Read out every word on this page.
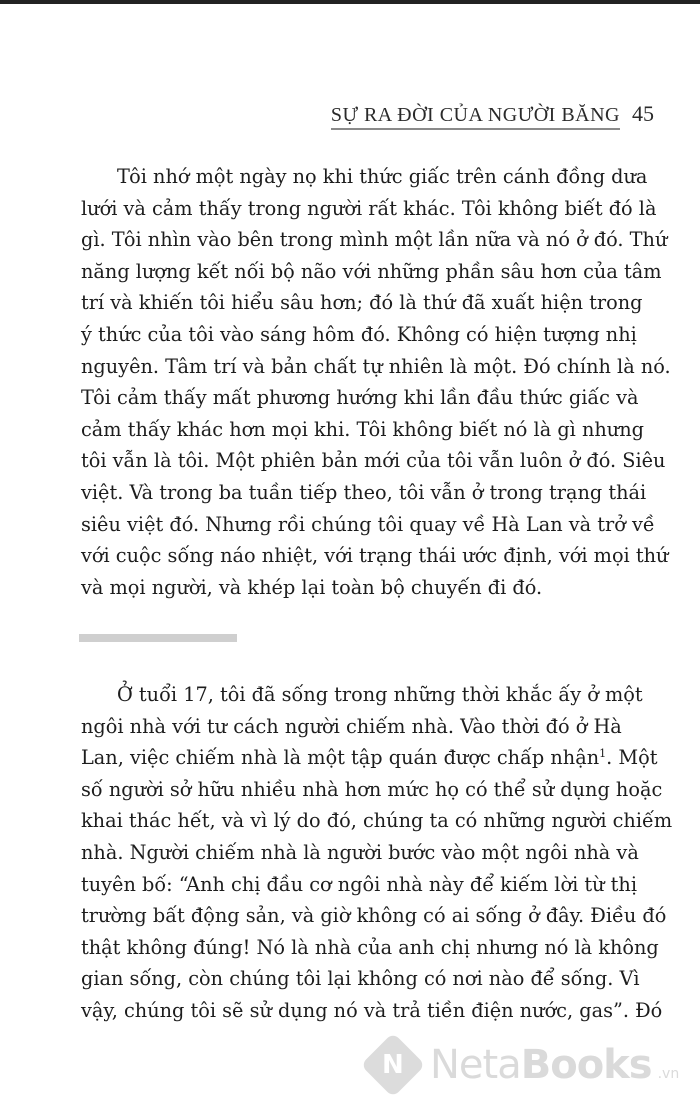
SỰ RA ĐỜI CỦA NGƯỜI BĂNG 45

Tôi nhớ một ngày nọ khi thức giấc trên cánh đồng dưa
lưới và cảm thấy trong người rất khác. Tôi không biết đó là
gì. Tôi nhìn vào bên trong mình một lần nữa và nó ở đó. Thứ
năng lượng kết nối bộ não với những phần sâu hơn của tâm
trí và khiến tôi hiểu sâu hơn; đó là thứ đã xuất hiện trong
ý thức của tôi vào sáng hôm đó. Không có hiện tượng nhị
nguyên. Tâm trí và bản chất tự nhiên là một. Đó chính là nó.
Tôi cảm thấy mất phương hướng khi lần đầu thức giấc và
cảm thấy khác hơn mọi khi. Tôi không biết nó là gì nhưng
tôi vẫn là tôi. Một phiên bản mới của tôi vẫn luôn ở đó. Siêu
việt. Và trong ba tuần tiếp theo, tôi vẫn ở trong trạng thái
siêu việt đó. Nhưng rồi chúng tôi quay về Hà Lan và trở về
với cuộc sống náo nhiệt, với trạng thái ước định, với mọi thứ
và mọi người, và khép lại toàn bộ chuyến đi đó.

Ở tuổi 17, tôi đã sống trong những thời khắc ấy ở một
ngôi nhà với tư cách người chiếm nhà. Vào thời đó ở Hà
Lan, việc chiếm nhà là một tập quán được chấp nhận$^1$. Một
số người sở hữu nhiều nhà hơn mức họ có thể sử dụng hoặc
khai thác hết, và vì lý do đó, chúng ta có những người chiếm
nhà. Người chiếm nhà là người bước vào một ngôi nhà và
tuyên bố: “Anh chị đầu cơ ngôi nhà này để kiếm lời từ thị
trường bất động sản, và giờ không có ai sống ở đây. Điều đó
thật không đúng! Nó là nhà của anh chị nhưng nó là không
gian sống, còn chúng tôi lại không có nơi nào để sống. Vì
vậy, chúng tôi sẽ sử dụng nó và trả tiền điện nước, gas”. Đó

N NetaBooks .vn
